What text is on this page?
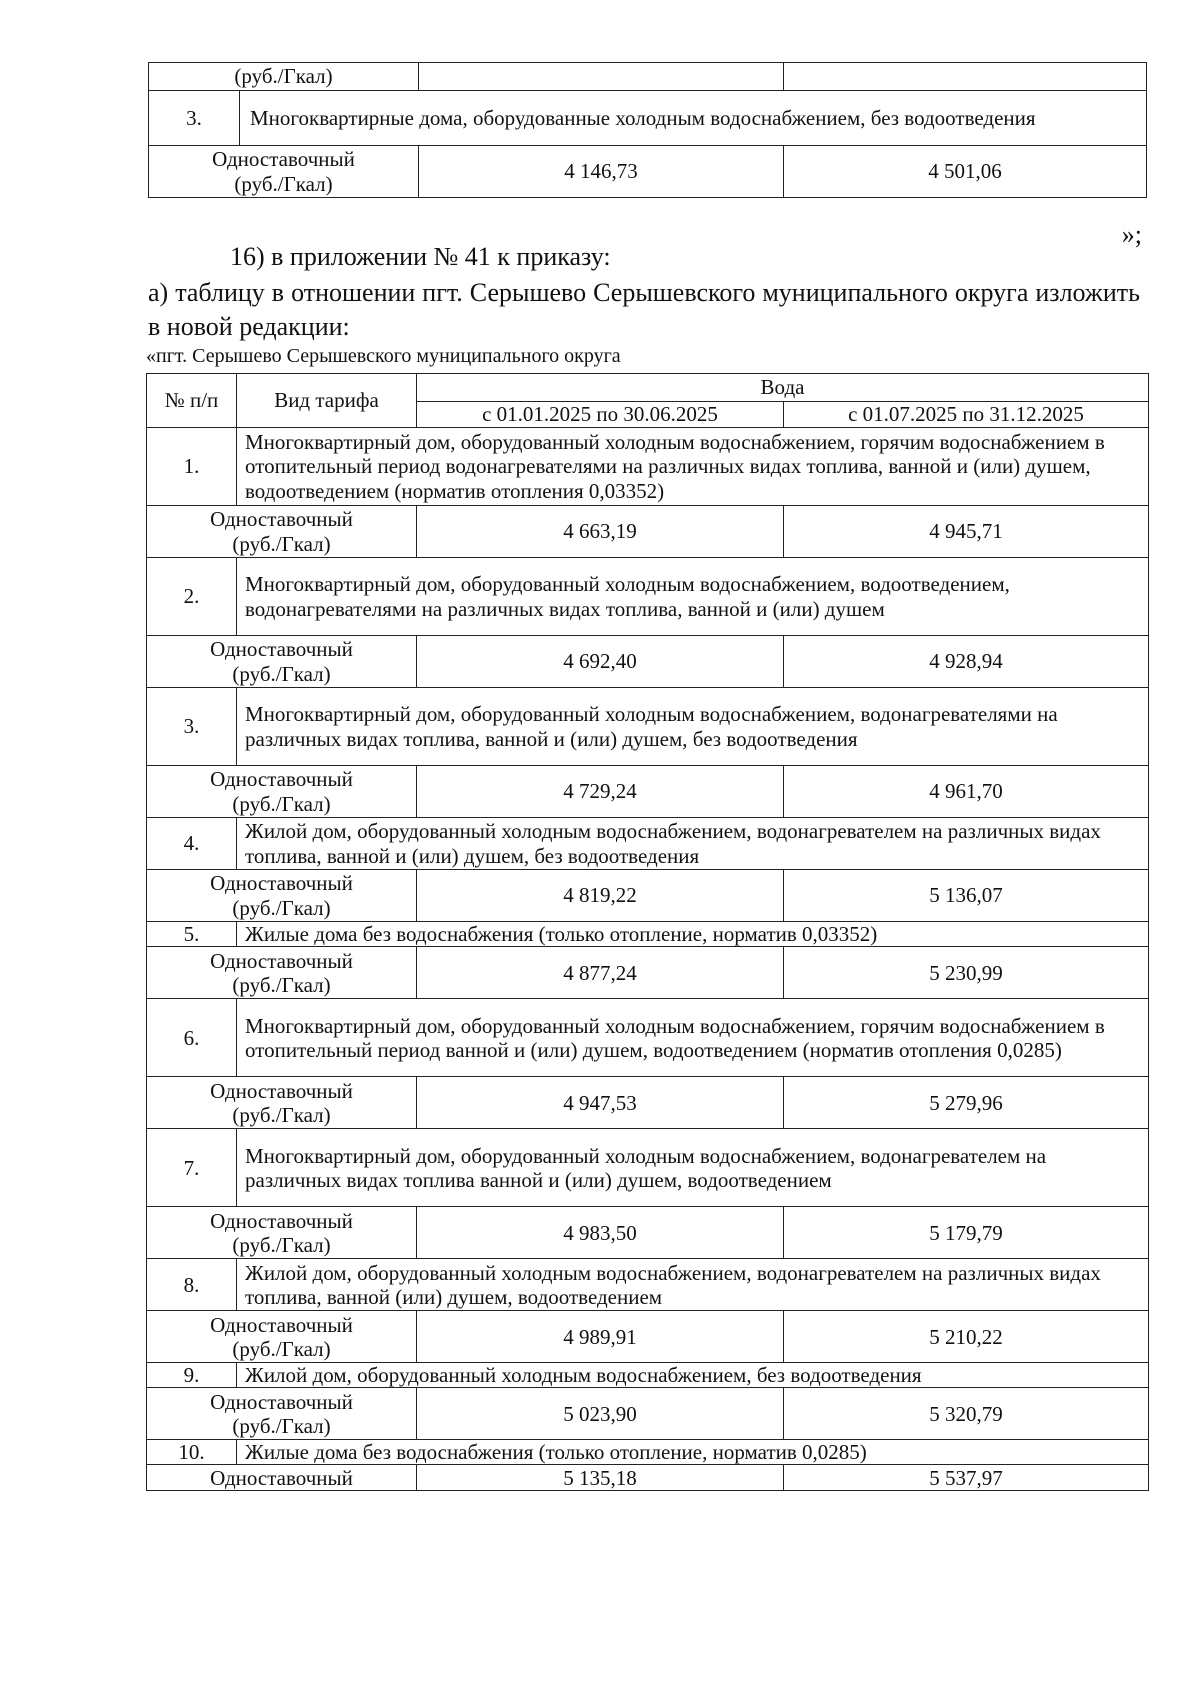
(руб./Гкал)		

3. Многоквартирные дома, оборудованные холодным водоснабжением, без водоотведения		

Одноставочный
(руб./Гкал)	4 146,73	4 501,06
»;

16) в приложении № 41 к приказу:

а) таблицу в отношении пгт. Серышево Серышевского муниципального округа изложить в новой редакции:

«пгт. Серышево Серышевского муниципального округа
№ п/п	Вид тарифа	Вода	
		с 01.01.2025 по 30.06.2025	с 01.07.2025 по 31.12.2025
1.	Многоквартирный дом, оборудованный холодным водоснабжением, горячим водоснабжением в отопительный период водонагревателями на различных видах топлива, ванной и (или) душем, водоотведением (норматив отопления 0,03352)		

Одноставочный
(руб./Гкал)		4 663,19	4 945,71
2.	Многоквартирный дом, оборудованный холодным водоснабжением, водоотведением, водонагревателями на различных видах топлива, ванной и (или) душем		

Одноставочный
(руб./Гкал)		4 692,40	4 928,94
3.	Многоквартирный дом, оборудованный холодным водоснабжением, водонагревателями на различных видах топлива, ванной и (или) душем, без водоотведения		

Одноставочный
(руб./Гкал)		4 729,24	4 961,70
4.	Жилой дом, оборудованный холодным водоснабжением, водонагревателем на различных видах топлива, ванной и (или) душем, без водоотведения		

Одноставочный
(руб./Гкал)		4 819,22	5 136,07
5.	Жилые дома без водоснабжения (только отопление, норматив 0,03352)		

Одноставочный
(руб./Гкал)		4 877,24	5 230,99
6.	Многоквартирный дом, оборудованный холодным водоснабжением, горячим водоснабжением в отопительный период ванной и (или) душем, водоотведением (норматив отопления 0,0285)		

Одноставочный
(руб./Гкал)		4 947,53	5 279,96
7.	Многоквартирный дом, оборудованный холодным водоснабжением, водонагревателем на различных видах топлива ванной и (или) душем, водоотведением		

Одноставочный
(руб./Гкал)		4 983,50	5 179,79
8.	Жилой дом, оборудованный холодным водоснабжением, водонагревателем на различных видах топлива, ванной (или) душем, водоотведением		

Одноставочный
(руб./Гкал)		4 989,91	5 210,22
9.	Жилой дом, оборудованный холодным водоснабжением, без водоотведения		

Одноставочный
(руб./Гкал)		5 023,90	5 320,79
10.	Жилые дома без водоснабжения (только отопление, норматив 0,0285)		

Одноставочный		5 135,18	5 537,97
